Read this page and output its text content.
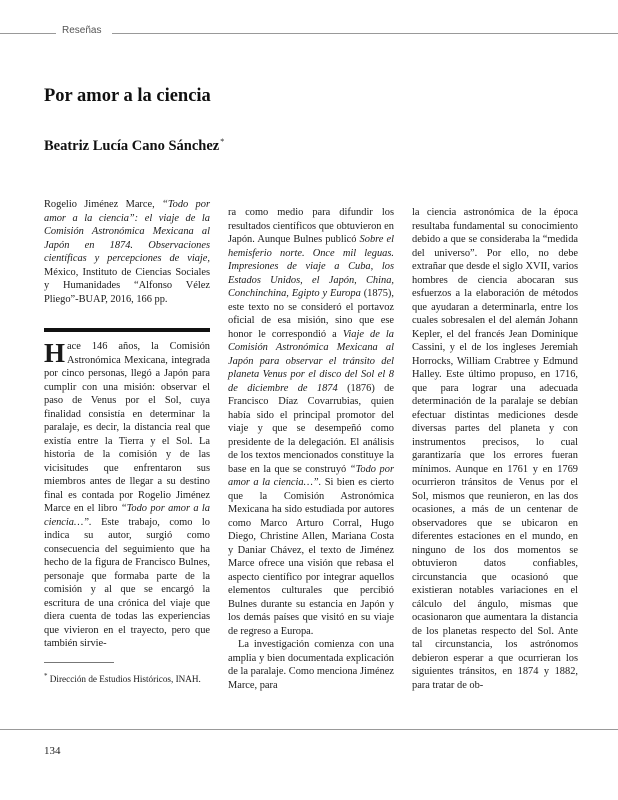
Reseñas
Por amor a la ciencia
Beatriz Lucía Cano Sánchez*

Rogelio Jiménez Marce, “Todo por amor a la ciencia”: el viaje de la Comisión Astronómica Mexicana al Japón en 1874. Observaciones científicas y percepciones de viaje, México, Instituto de Ciencias Sociales y Humanidades “Alfonso Vélez Pliego”-BUAP, 2016, 166 pp.

Hace 146 años, la Comisión Astronómica Mexicana, integrada por cinco personas, llegó a Japón para cumplir con una misión: observar el paso de Venus por el Sol, cuya finalidad consistía en determinar la paralaje, es decir, la distancia real que existía entre la Tierra y el Sol. La historia de la comisión y de las vicisitudes que enfrentaron sus miembros antes de llegar a su destino final es contada por Rogelio Jiménez Marce en el libro “Todo por amor a la ciencia…”. Este trabajo, como lo indica su autor, surgió como consecuencia del seguimiento que ha hecho de la figura de Francisco Bulnes, personaje que formaba parte de la comisión y al que se encargó la escritura de una crónica del viaje que diera cuenta de todas las experiencias que vivieron en el trayecto, pero que también sirvie-

* Dirección de Estudios Históricos, INAH.

ra como medio para difundir los resultados científicos que obtuvieron en Japón. Aunque Bulnes publicó Sobre el hemisferio norte. Once mil leguas. Impresiones de viaje a Cuba, los Estados Unidos, el Japón, China, Conchinchina, Egipto y Europa (1875), este texto no se consideró el portavoz oficial de esa misión, sino que ese honor le correspondió a Viaje de la Comisión Astronómica Mexicana al Japón para observar el tránsito del planeta Venus por el disco del Sol el 8 de diciembre de 1874 (1876) de Francisco Díaz Covarrubias, quien había sido el principal promotor del viaje y que se desempeñó como presidente de la delegación. El análisis de los textos mencionados constituye la base en la que se construyó “Todo por amor a la ciencia…”. Si bien es cierto que la Comisión Astronómica Mexicana ha sido estudiada por autores como Marco Arturo Corral, Hugo Diego, Christine Allen, Mariana Costa y Daniar Chávez, el texto de Jiménez Marce ofrece una visión que rebasa el aspecto científico por integrar aquellos elementos culturales que percibió Bulnes durante su estancia en Japón y los demás países que visitó en su viaje de regreso a Europa.

La investigación comienza con una amplia y bien documentada explicación de la paralaje. Como menciona Jiménez Marce, para

la ciencia astronómica de la época resultaba fundamental su conocimiento debido a que se consideraba la “medida del universo”. Por ello, no debe extrañar que desde el siglo XVII, varios hombres de ciencia abocaran sus esfuerzos a la elaboración de métodos que ayudaran a determinarla, entre los cuales sobresalen el del alemán Johann Kepler, el del francés Jean Dominique Cassini, y el de los ingleses Jeremiah Horrocks, William Crabtree y Edmund Halley. Este último propuso, en 1716, que para lograr una adecuada determinación de la paralaje se debían efectuar distintas mediciones desde diversas partes del planeta y con instrumentos precisos, lo cual garantizaría que los errores fueran mínimos. Aunque en 1761 y en 1769 ocurrieron tránsitos de Venus por el Sol, mismos que reunieron, en las dos ocasiones, a más de un centenar de observadores que se ubicaron en diferentes estaciones en el mundo, en ninguno de los dos momentos se obtuvieron datos confiables, circunstancia que ocasionó que existieran notables variaciones en el cálculo del ángulo, mismas que ocasionaron que aumentara la distancia de los planetas respecto del Sol. Ante tal circunstancia, los astrónomos debieron esperar a que ocurrieran los siguientes tránsitos, en 1874 y 1882, para tratar de ob-

134
